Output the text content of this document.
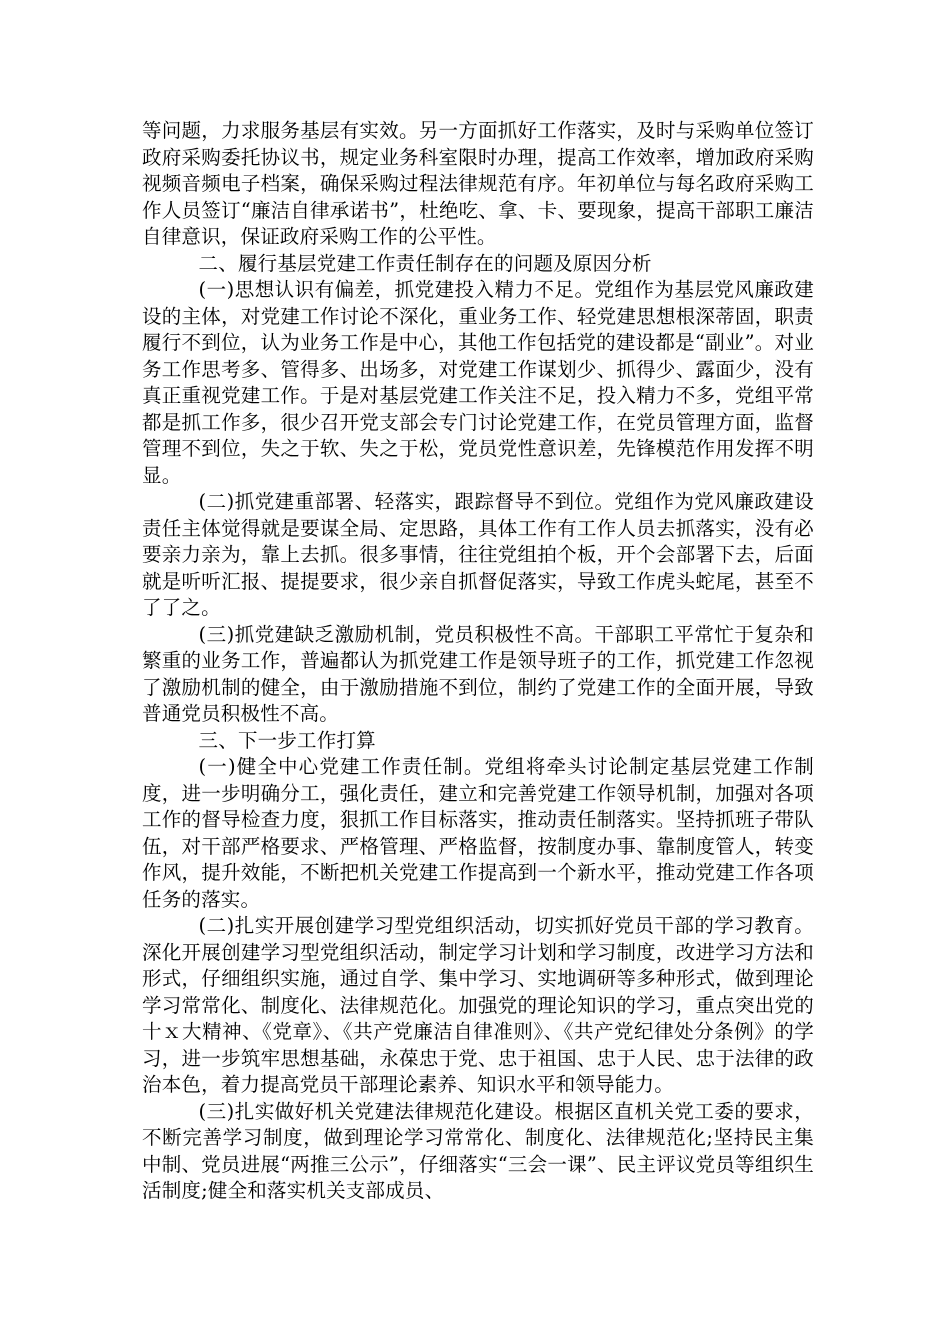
等问题，力求服务基层有实效。另一方面抓好工作落实，及时与采购单位签订政府采购委托协议书，规定业务科室限时办理，提高工作效率，增加政府采购视频音频电子档案，确保采购过程法律规范有序。年初单位与每名政府采购工作人员签订“廉洁自律承诺书”，杜绝吃、拿、卡、要现象，提高干部职工廉洁自律意识，保证政府采购工作的公平性。

二、履行基层党建工作责任制存在的问题及原因分析

(一)思想认识有偏差，抓党建投入精力不足。党组作为基层党风廉政建设的主体，对党建工作讨论不深化，重业务工作、轻党建思想根深蒂固，职责履行不到位，认为业务工作是中心，其他工作包括党的建设都是“副业”。对业务工作思考多、管得多、出场多，对党建工作谋划少、抓得少、露面少，没有真正重视党建工作。于是对基层党建工作关注不足，投入精力不多，党组平常都是抓工作多，很少召开党支部会专门讨论党建工作，在党员管理方面，监督管理不到位，失之于软、失之于松，党员党性意识差，先锋模范作用发挥不明显。

(二)抓党建重部署、轻落实，跟踪督导不到位。党组作为党风廉政建设责任主体觉得就是要谋全局、定思路，具体工作有工作人员去抓落实，没有必要亲力亲为，靠上去抓。很多事情，往往党组拍个板，开个会部署下去，后面就是听听汇报、提提要求，很少亲自抓督促落实，导致工作虎头蛇尾，甚至不了了之。

(三)抓党建缺乏激励机制，党员积极性不高。干部职工平常忙于复杂和繁重的业务工作，普遍都认为抓党建工作是领导班子的工作，抓党建工作忽视了激励机制的健全，由于激励措施不到位，制约了党建工作的全面开展，导致普通党员积极性不高。

三、下一步工作打算

(一)健全中心党建工作责任制。党组将牵头讨论制定基层党建工作制度，进一步明确分工，强化责任，建立和完善党建工作领导机制，加强对各项工作的督导检查力度，狠抓工作目标落实，推动责任制落实。坚持抓班子带队伍，对干部严格要求、严格管理、严格监督，按制度办事、靠制度管人，转变作风，提升效能，不断把机关党建工作提高到一个新水平，推动党建工作各项任务的落实。

(二)扎实开展创建学习型党组织活动，切实抓好党员干部的学习教育。深化开展创建学习型党组织活动，制定学习计划和学习制度，改进学习方法和形式，仔细组织实施，通过自学、集中学习、实地调研等多种形式，做到理论学习常常化、制度化、法律规范化。加强党的理论知识的学习，重点突出党的十ｘ大精神、《党章》、《共产党廉洁自律准则》、《共产党纪律处分条例》的学习，进一步筑牢思想基础，永葆忠于党、忠于祖国、忠于人民、忠于法律的政治本色，着力提高党员干部理论素养、知识水平和领导能力。

(三)扎实做好机关党建法律规范化建设。根据区直机关党工委的要求，不断完善学习制度，做到理论学习常常化、制度化、法律规范化;坚持民主集中制、党员进展“两推三公示”，仔细落实“三会一课”、民主评议党员等组织生活制度;健全和落实机关支部成员、
